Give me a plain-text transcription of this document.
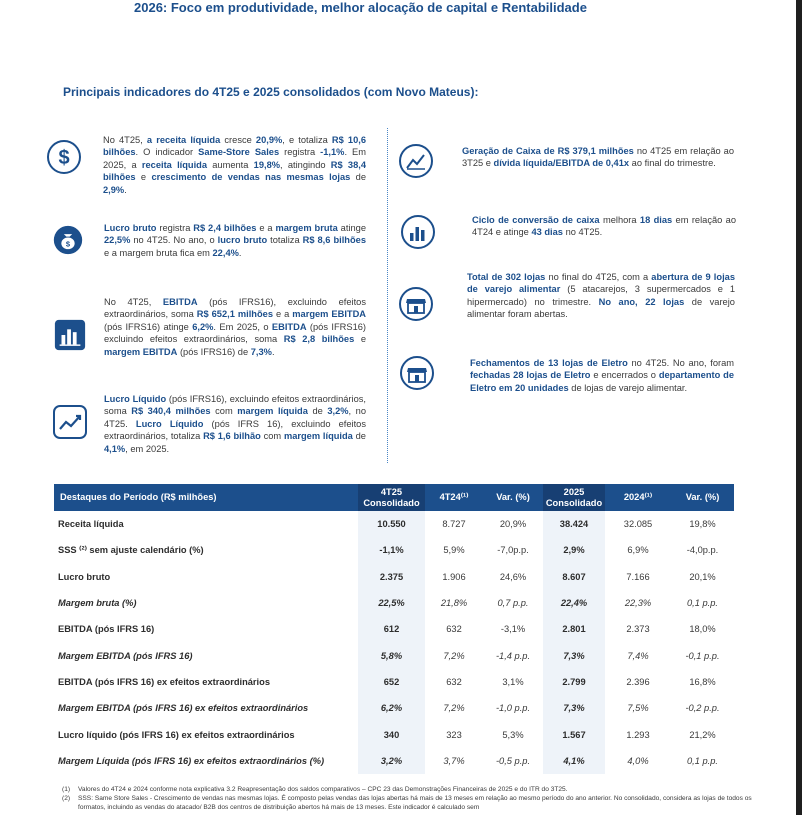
2026: Foco em produtividade, melhor alocação de capital e Rentabilidade
Principais indicadores do 4T25 e 2025 consolidados (com Novo Mateus):
$
$
No 4T25, a receita líquida cresce 20,9%, e totaliza R$ 10,6 bilhões. O indicador Same-Store Sales registra -1,1%. Em 2025, a receita líquida aumenta 19,8%, atingindo R$ 38,4 bilhões e crescimento de vendas nas mesmas lojas de 2,9%.
Lucro bruto registra R$ 2,4 bilhões e a margem bruta atinge 22,5% no 4T25. No ano, o lucro bruto totaliza R$ 8,6 bilhões e a margem bruta fica em 22,4%.
No 4T25, EBITDA (pós IFRS16), excluindo efeitos extraordinários, soma R$ 652,1 milhões e a margem EBITDA (pós IFRS16) atinge 6,2%. Em 2025, o EBITDA (pós IFRS16) excluindo efeitos extraordinários, soma R$ 2,8 bilhões e margem EBITDA (pós IFRS16) de 7,3%.
Lucro Líquido (pós IFRS16), excluindo efeitos extraordinários, soma R$ 340,4 milhões com margem líquida de 3,2%, no 4T25. Lucro Líquido (pós IFRS 16), excluindo efeitos extraordinários, totaliza R$ 1,6 bilhão com margem líquida de 4,1%, em 2025.
Geração de Caixa de R$ 379,1 milhões no 4T25 em relação ao 3T25 e dívida líquida/EBITDA de 0,41x ao final do trimestre.
Ciclo de conversão de caixa melhora 18 dias em relação ao 4T24 e atinge 43 dias no 4T25.
Total de 302 lojas no final do 4T25, com a abertura de 9 lojas de varejo alimentar (5 atacarejos, 3 supermercados e 1 hipermercado) no trimestre. No ano, 22 lojas de varejo alimentar foram abertas.
Fechamentos de 13 lojas de Eletro no 4T25. No ano, foram fechadas 28 lojas de Eletro e encerrados o departamento de Eletro em 20 unidades de lojas de varejo alimentar.
Destaques do Período (R$ milhões)	4T25 Consolidado	4T24⁽¹⁾	Var. (%)	2025 Consolidado	2024⁽¹⁾	Var. (%)
Receita líquida	10.550	8.727	20,9%	38.424	32.085	19,8%
SSS ⁽²⁾ sem ajuste calendário (%)	-1,1%	5,9%	-7,0p.p.	2,9%	6,9%	-4,0p.p.
Lucro bruto	2.375	1.906	24,6%	8.607	7.166	20,1%
Margem bruta (%)	22,5%	21,8%	0,7 p.p.	22,4%	22,3%	0,1 p.p.
EBITDA (pós IFRS 16)	612	632	-3,1%	2.801	2.373	18,0%
Margem EBITDA (pós IFRS 16)	5,8%	7,2%	-1,4 p.p.	7,3%	7,4%	-0,1 p.p.
EBITDA (pós IFRS 16) ex efeitos extraordinários	652	632	3,1%	2.799	2.396	16,8%
Margem EBITDA (pós IFRS 16) ex efeitos extraordinários	6,2%	7,2%	-1,0 p.p.	7,3%	7,5%	-0,2 p.p.
Lucro líquido (pós IFRS 16) ex efeitos extraordinários	340	323	5,3%	1.567	1.293	21,2%
Margem Líquida (pós IFRS 16) ex efeitos extraordinários (%)	3,2%	3,7%	-0,5 p.p.	4,1%	4,0%	0,1 p.p.
(1)	Valores do 4T24 e 2024 conforme nota explicativa 3.2 Reapresentação dos saldos comparativos – CPC 23 das Demonstrações Financeiras de 2025 e do ITR do 3T25.
(2)	SSS: Same Store Sales - Crescimento de vendas nas mesmas lojas. É composto pelas vendas das lojas abertas há mais de 13 meses em relação ao mesmo período do ano anterior. No consolidado, considera as lojas de todos os formatos, incluindo as vendas do atacado/ B2B dos centros de distribuição abertos há mais de 13 meses. Este indicador é calculado sem
